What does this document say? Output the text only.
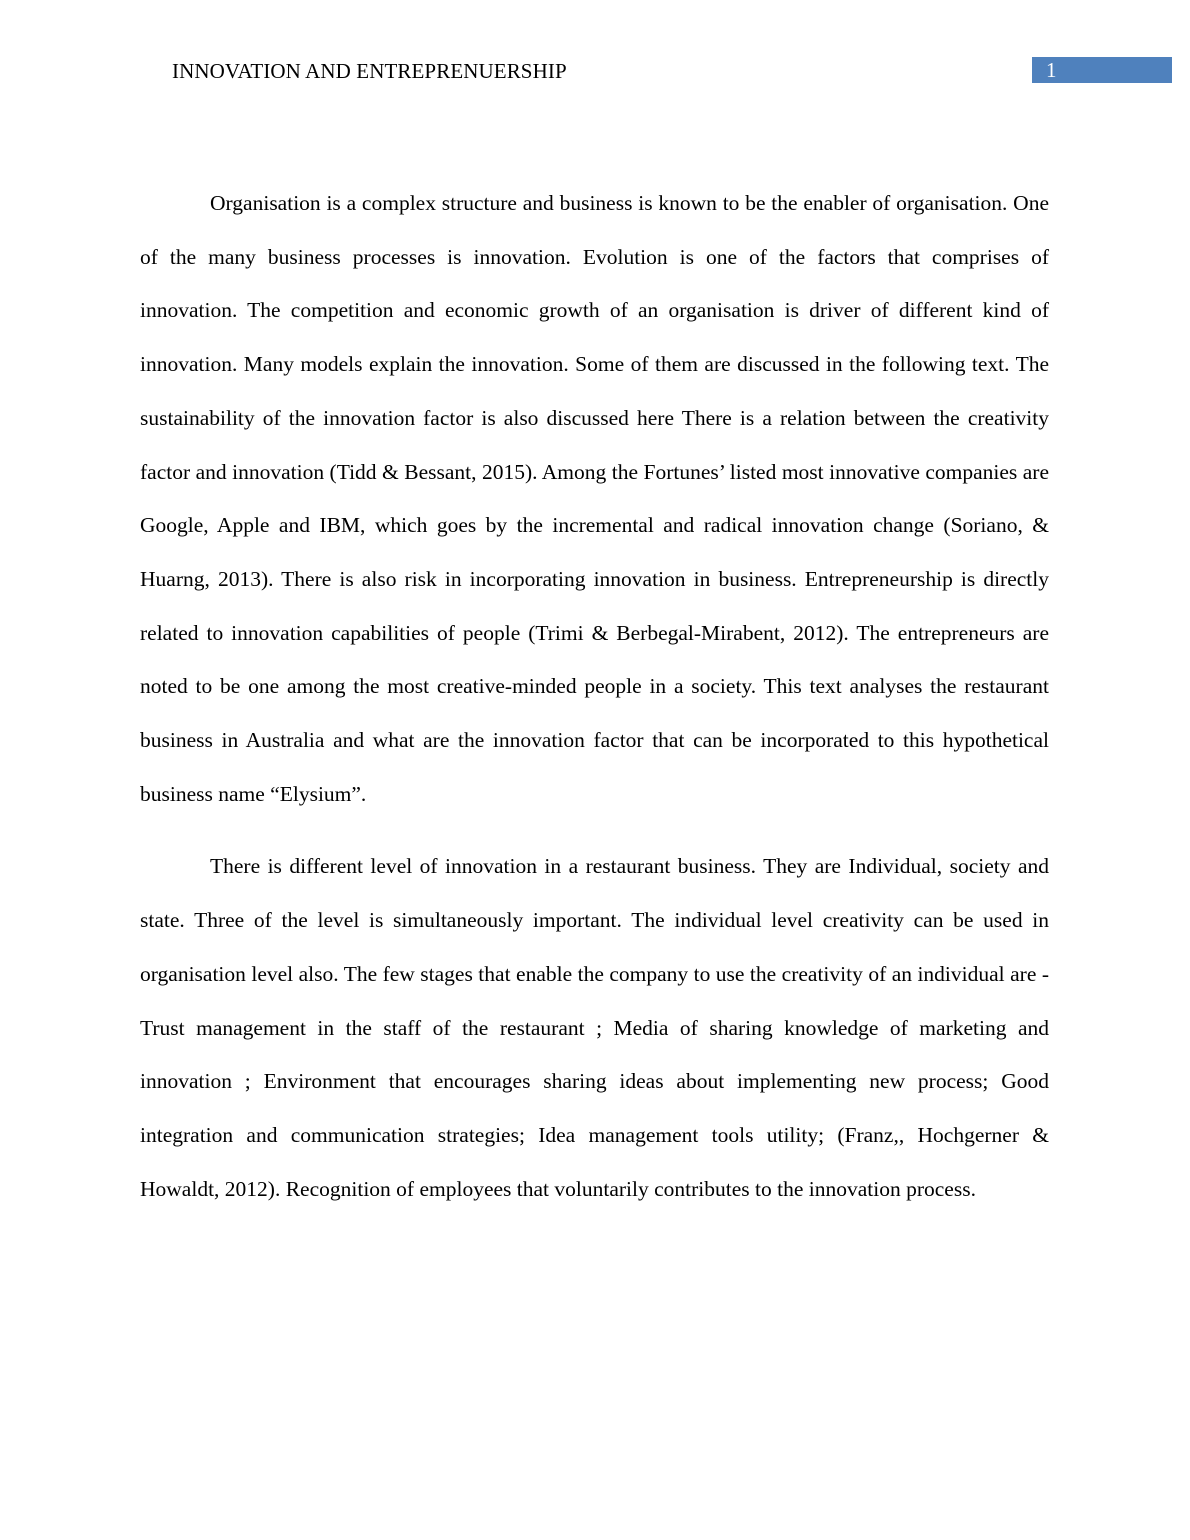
INNOVATION AND ENTREPRENUERSHIP	1

Organisation is a complex structure and business is known to be the enabler of organisation. One of the many business processes is innovation. Evolution is one of the factors that comprises of innovation. The competition and economic growth of an organisation is driver of different kind of innovation. Many models explain the innovation. Some of them are discussed in the following text. The sustainability of the innovation factor is also discussed here There is a relation between the creativity factor and innovation (Tidd & Bessant, 2015). Among the Fortunes’ listed most innovative companies are Google, Apple and IBM, which goes by the incremental and radical innovation change (Soriano, & Huarng, 2013). There is also risk in incorporating innovation in business. Entrepreneurship is directly related to innovation capabilities of people (Trimi & Berbegal-Mirabent, 2012). The entrepreneurs are noted to be one among the most creative-minded people in a society. This text analyses the restaurant business in Australia and what are the innovation factor that can be incorporated to this hypothetical business name “Elysium”.

There is different level of innovation in a restaurant business. They are Individual, society and state. Three of the level is simultaneously important. The individual level creativity can be used in organisation level also. The few stages that enable the company to use the creativity of an individual are - Trust management in the staff of the restaurant ; Media of sharing knowledge of marketing and innovation ; Environment that encourages sharing ideas about implementing new process; Good integration and communication strategies; Idea management tools utility; (Franz,, Hochgerner & Howaldt, 2012). Recognition of employees that voluntarily contributes to the innovation process.
